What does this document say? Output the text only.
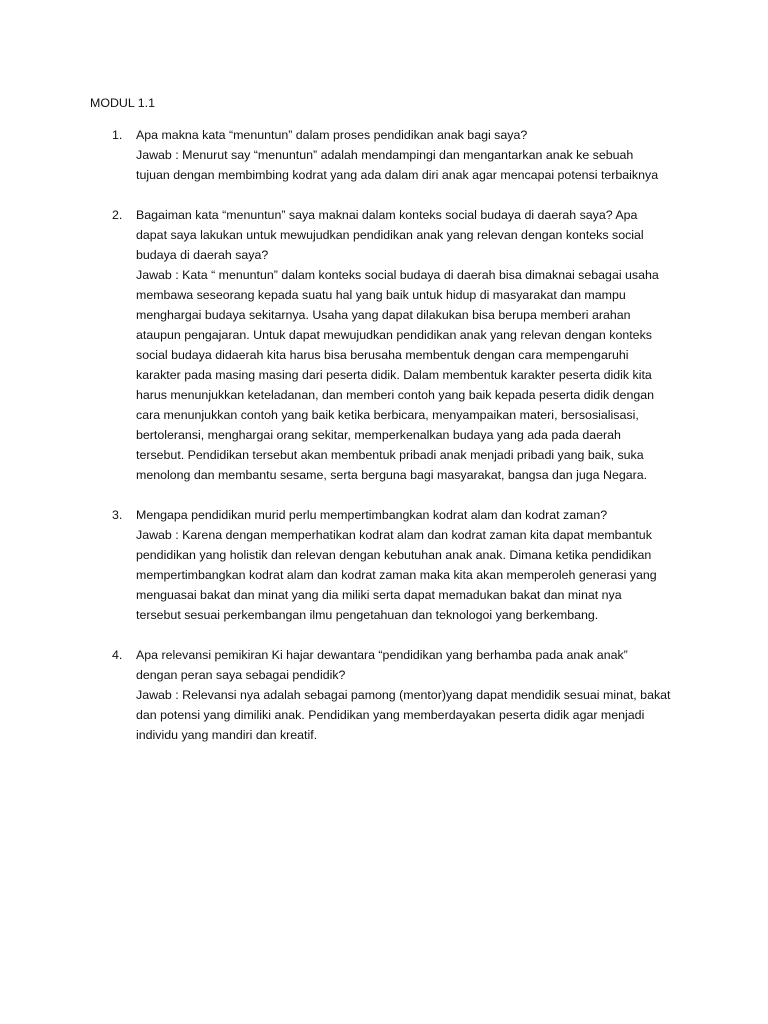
MODUL 1.1
1. Apa makna kata “menuntun” dalam proses pendidikan anak bagi saya?
Jawab : Menurut say “menuntun” adalah mendampingi dan mengantarkan anak ke sebuah
tujuan dengan membimbing kodrat yang ada dalam diri anak agar mencapai potensi terbaiknya
2. Bagaiman kata “menuntun” saya maknai dalam konteks social budaya di daerah saya? Apa
dapat saya lakukan untuk mewujudkan pendidikan anak yang relevan dengan konteks social
budaya di daerah saya?
Jawab : Kata “ menuntun” dalam konteks social budaya di daerah bisa dimaknai sebagai usaha
membawa seseorang kepada suatu hal yang baik untuk hidup di masyarakat dan mampu
menghargai budaya sekitarnya. Usaha yang dapat dilakukan bisa berupa memberi arahan
ataupun pengajaran. Untuk dapat mewujudkan pendidikan anak yang relevan dengan konteks
social budaya didaerah kita harus bisa berusaha membentuk dengan cara mempengaruhi
karakter pada masing masing dari peserta didik. Dalam membentuk karakter peserta didik kita
harus menunjukkan keteladanan, dan memberi contoh yang baik kepada peserta didik dengan
cara menunjukkan contoh yang baik ketika berbicara, menyampaikan materi, bersosialisasi,
bertoleransi, menghargai orang sekitar, memperkenalkan budaya yang ada pada daerah
tersebut. Pendidikan tersebut akan membentuk pribadi anak menjadi pribadi yang baik, suka
menolong dan membantu sesame, serta berguna bagi masyarakat, bangsa dan juga Negara.
3. Mengapa pendidikan murid perlu mempertimbangkan kodrat alam dan kodrat zaman?
Jawab : Karena dengan memperhatikan kodrat alam dan kodrat zaman kita dapat membantuk
pendidikan yang holistik dan relevan dengan kebutuhan anak anak. Dimana ketika pendidikan
mempertimbangkan kodrat alam dan kodrat zaman maka kita akan memperoleh generasi yang
menguasai bakat dan minat yang dia miliki serta dapat memadukan bakat dan minat nya
tersebut sesuai perkembangan ilmu pengetahuan dan teknologoi yang berkembang.
4. Apa relevansi pemikiran Ki hajar dewantara “pendidikan yang berhamba pada anak anak”
dengan peran saya sebagai pendidik?
Jawab : Relevansi nya adalah sebagai pamong (mentor)yang dapat mendidik sesuai minat, bakat
dan potensi yang dimiliki anak. Pendidikan yang memberdayakan peserta didik agar menjadi
individu yang mandiri dan kreatif.
